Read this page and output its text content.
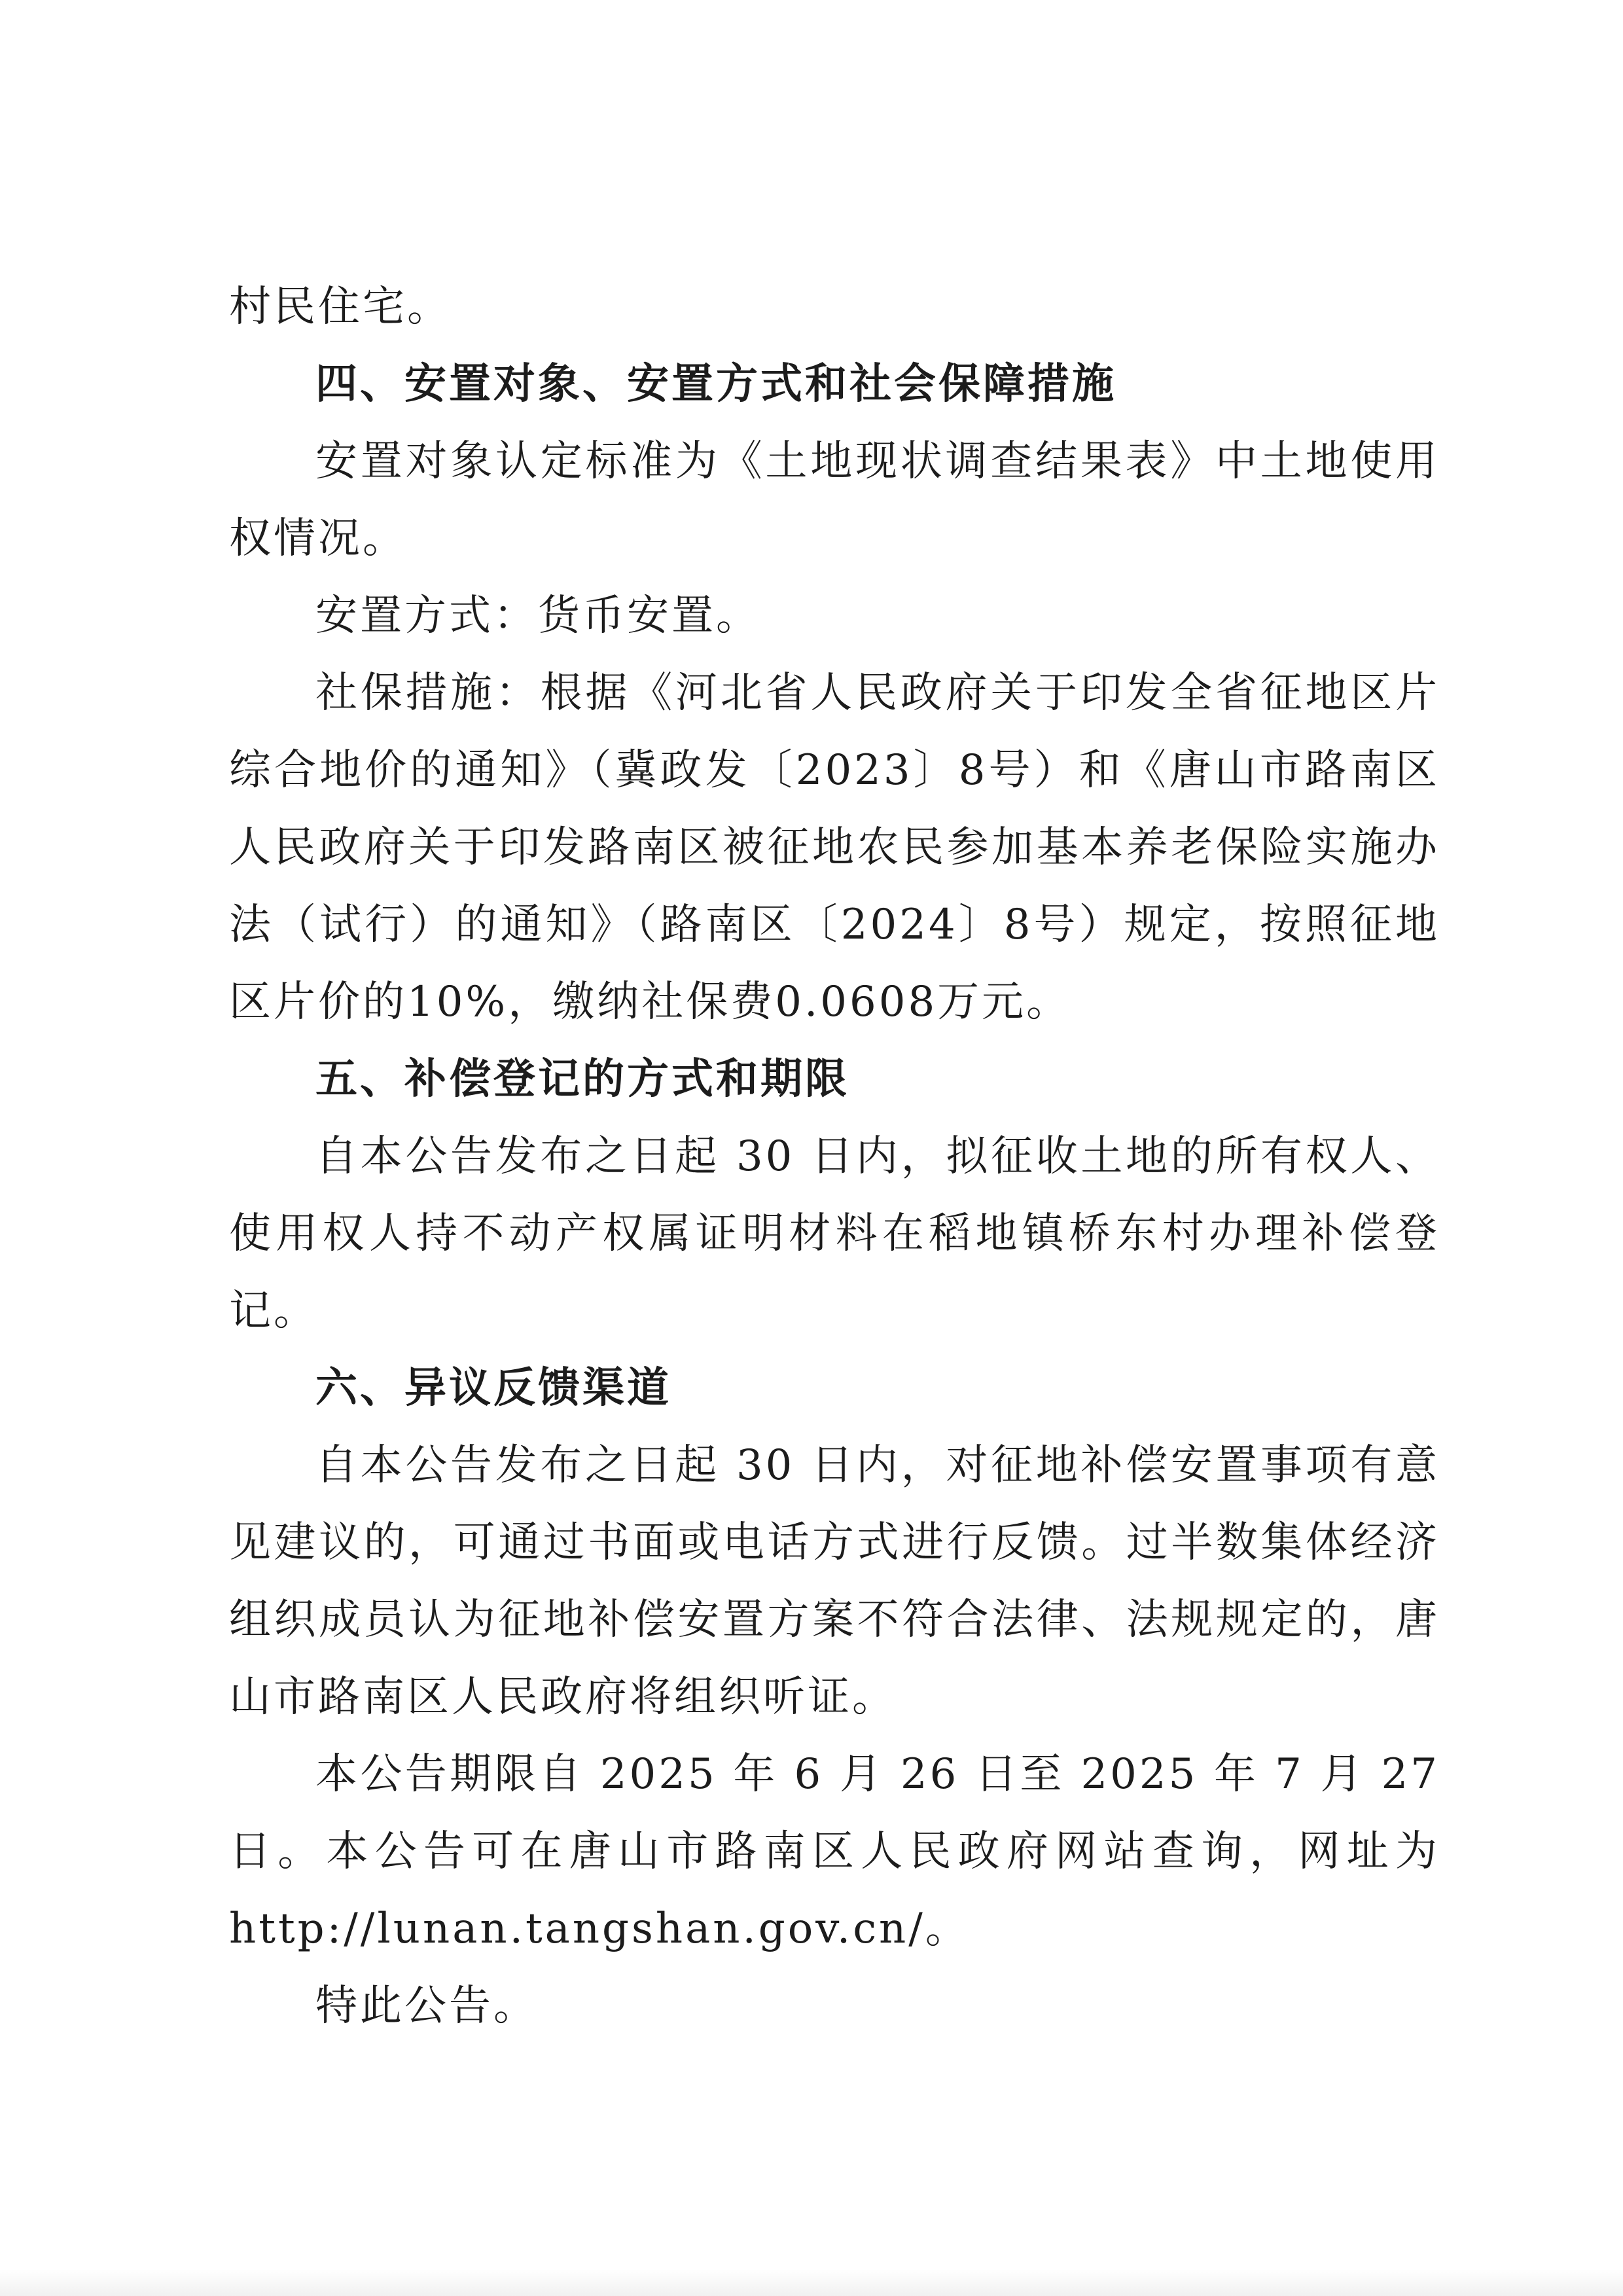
村民住宅。

四、安置对象、安置方式和社会保障措施

安置对象认定标准为《土地现状调查结果表》中土地使用权情况。

安置方式：货币安置。

社保措施：根据《河北省人民政府关于印发全省征地区片综合地价的通知》（冀政发〔2023〕8号）和《唐山市路南区人民政府关于印发路南区被征地农民参加基本养老保险实施办法（试行）的通知》（路南区〔2024〕8号）规定，按照征地区片价的10%，缴纳社保费0.0608万元。

五、补偿登记的方式和期限

自本公告发布之日起 30 日内，拟征收土地的所有权人、使用权人持不动产权属证明材料在稻地镇桥东村办理补偿登记。

六、异议反馈渠道

自本公告发布之日起 30 日内，对征地补偿安置事项有意见建议的，可通过书面或电话方式进行反馈。过半数集体经济组织成员认为征地补偿安置方案不符合法律、法规规定的，唐山市路南区人民政府将组织听证。

本公告期限自 2025 年 6 月 26 日至 2025 年 7 月 27 日。本公告可在唐山市路南区人民政府网站查询，网址为http://lunan.tangshan.gov.cn/。

特此公告。
